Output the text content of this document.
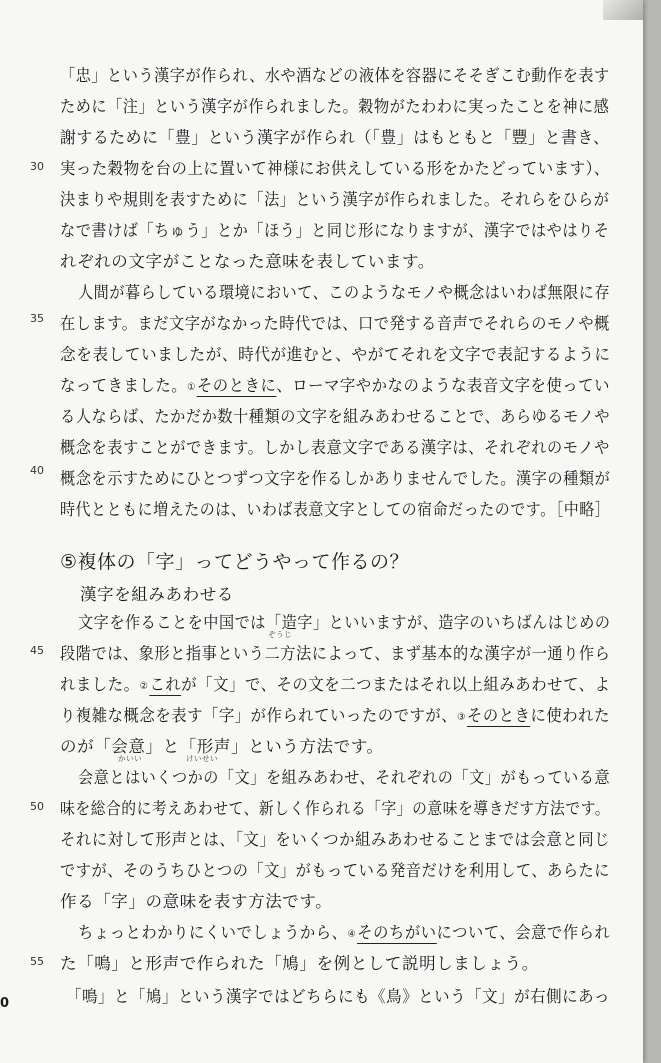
30
35
40
45
50
55
「忠」という漢字が作られ、水や酒などの液体を容器にそそぎこむ動作を表す
ために「注」という漢字が作られました。穀物がたわわに実ったことを神に感
謝するために「豊」という漢字が作られ（「豊」はもともと「豐」と書き、
実った穀物を台の上に置いて神様にお供えしている形をかたどっています）、
決まりや規則を表すために「法」という漢字が作られました。それらをひらが
なで書けば「ちゅう」とか「ほう」と同じ形になりますが、漢字ではやはりそ
れぞれの文字がことなった意味を表しています。
人間が暮らしている環境において、このようなモノや概念はいわば無限に存
在します。まだ文字がなかった時代では、口で発する音声でそれらのモノや概
念を表していましたが、時代が進むと、やがてそれを文字で表記するように
なってきました。①そのときに、ローマ字やかなのような表音文字を使ってい
る人ならば、たかだか数十種類の文字を組みあわせることで、あらゆるモノや
概念を表すことができます。しかし表意文字である漢字は、それぞれのモノや
概念を示すためにひとつずつ文字を作るしかありませんでした。漢字の種類が
時代とともに増えたのは、いわば表意文字としての宿命だったのです。［中略］
⑤複体の「字」ってどうやって作るの？
漢字を組みあわせる
文字を作ることを中国では「造字」といいますが、造字のいちばんはじめの
ぞうじ
段階では、象形と指事という二方法によって、まず基本的な漢字が一通り作ら
れました。②これが「文」で、その文を二つまたはそれ以上組みあわせて、よ
り複雑な概念を表す「字」が作られていったのですが、③そのときに使われた
のが「会意」と「形声」という方法です。
かいい	けいせい
会意とはいくつかの「文」を組みあわせ、それぞれの「文」がもっている意
味を総合的に考えあわせて、新しく作られる「字」の意味を導きだす方法です。
それに対して形声とは、「文」をいくつか組みあわせることまでは会意と同じ
ですが、そのうちひとつの「文」がもっている発音だけを利用して、あらたに
作る「字」の意味を表す方法です。
ちょっとわかりにくいでしょうから、④そのちがいについて、会意で作られ
た「鳴」と形声で作られた「鳩」を例として説明しましょう。
「鳴」と「鳩」という漢字ではどちらにも《鳥》という「文」が右側にあっ
0
